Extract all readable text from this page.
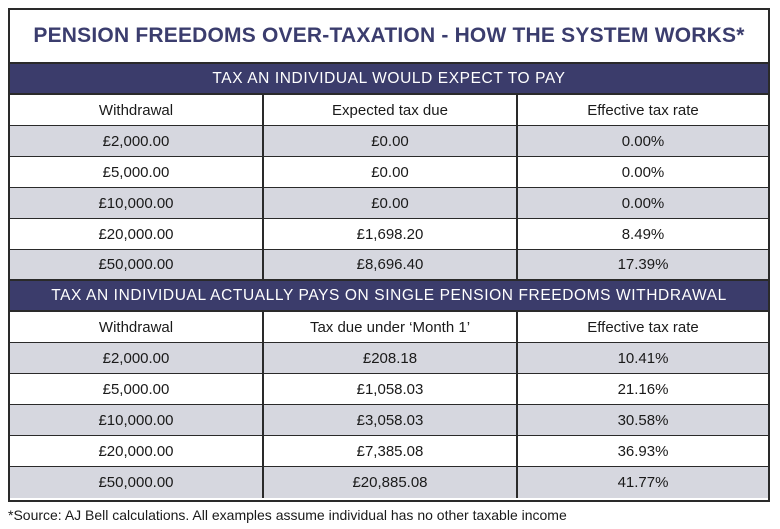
PENSION FREEDOMS OVER-TAXATION - HOW THE SYSTEM WORKS*
TAX AN INDIVIDUAL WOULD EXPECT TO PAY
Withdrawal	Expected tax due	Effective tax rate
£2,000.00	£0.00	0.00%
£5,000.00	£0.00	0.00%
£10,000.00	£0.00	0.00%
£20,000.00	£1,698.20	8.49%
£50,000.00	£8,696.40	17.39%
TAX AN INDIVIDUAL ACTUALLY PAYS ON SINGLE PENSION FREEDOMS WITHDRAWAL
Withdrawal	Tax due under ‘Month 1’	Effective tax rate
£2,000.00	£208.18	10.41%
£5,000.00	£1,058.03	21.16%
£10,000.00	£3,058.03	30.58%
£20,000.00	£7,385.08	36.93%
£50,000.00	£20,885.08	41.77%
*Source: AJ Bell calculations. All examples assume individual has no other taxable income
